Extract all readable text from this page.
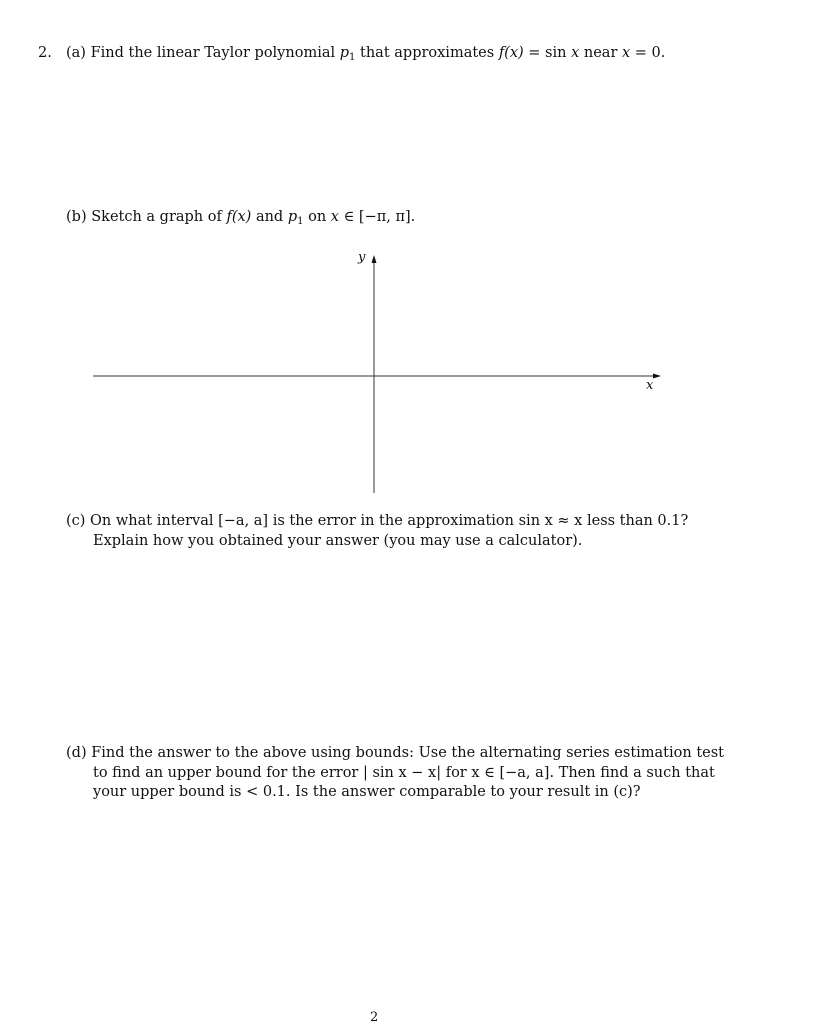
2. (a) Find the linear Taylor polynomial $p_1$ that approximates f(x) = sin x near x = 0.
(b) Sketch a graph of f(x) and $p_1$ on x ∈ [−π, π].
y
x
(c) On what interval [−a, a] is the error in the approximation sin x ≈ x less than 0.1? Explain how you obtained your answer (you may use a calculator).
(d) Find the answer to the above using bounds: Use the alternating series estimation test to find an upper bound for the error | sin x − x| for x ∈ [−a, a]. Then find a such that your upper bound is < 0.1. Is the answer comparable to your result in (c)?
2
